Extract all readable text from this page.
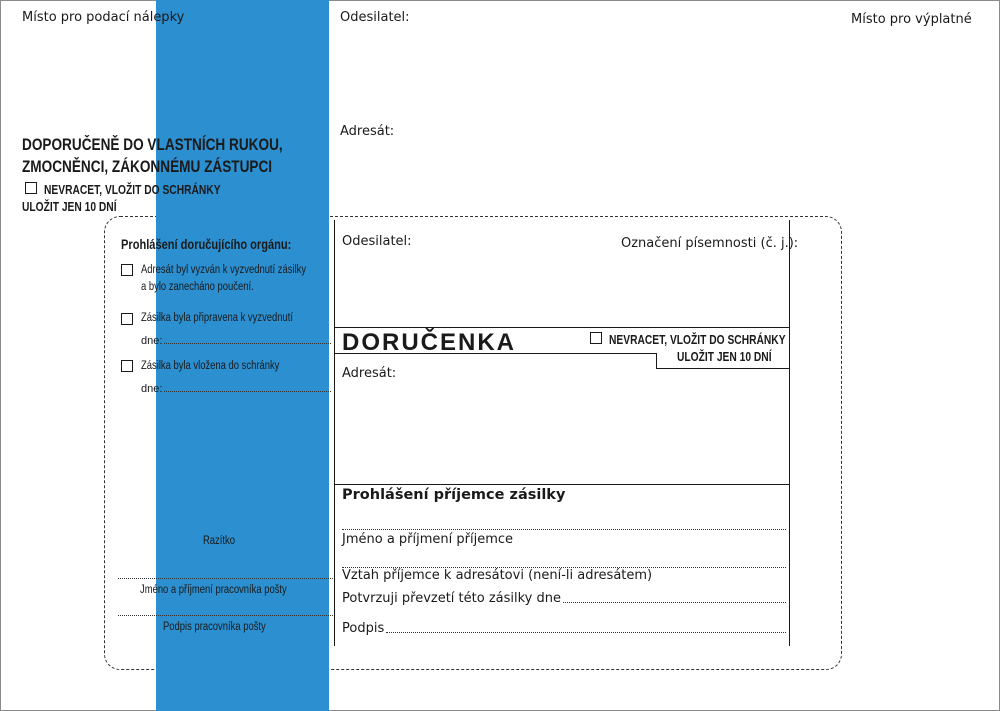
Místo pro podací nálepky	Odesilatel:	Místo pro výplatné
Adresát:
DOPORUČENĚ DO VLASTNÍCH RUKOU,
ZMOCNĚNCI, ZÁKONNÉMU ZÁSTUPCI
NEVRACET, VLOŽIT DO SCHRÁNKY
ULOŽIT JEN 10 DNÍ
Prohlášení doručujícího orgánu:
Adresát byl vyzván k vyzvednutí zásilky
a bylo zanecháno poučení.
Zásilka byla připravena k vyzvednutí
dne:
Zásilka byla vložena do schránky
dne:
Razítko
Jméno a příjmení pracovníka pošty
Podpis pracovníka pošty
Odesilatel:	Označení písemnosti (č. j.):
DORUČENKA	NEVRACET, VLOŽIT DO SCHRÁNKY
ULOŽIT JEN 10 DNÍ
Adresát:
Prohlášení příjemce zásilky
Jméno a příjmení příjemce
Vztah příjemce k adresátovi (není-li adresátem)
Potvrzuji převzetí této zásilky dne
Podpis
